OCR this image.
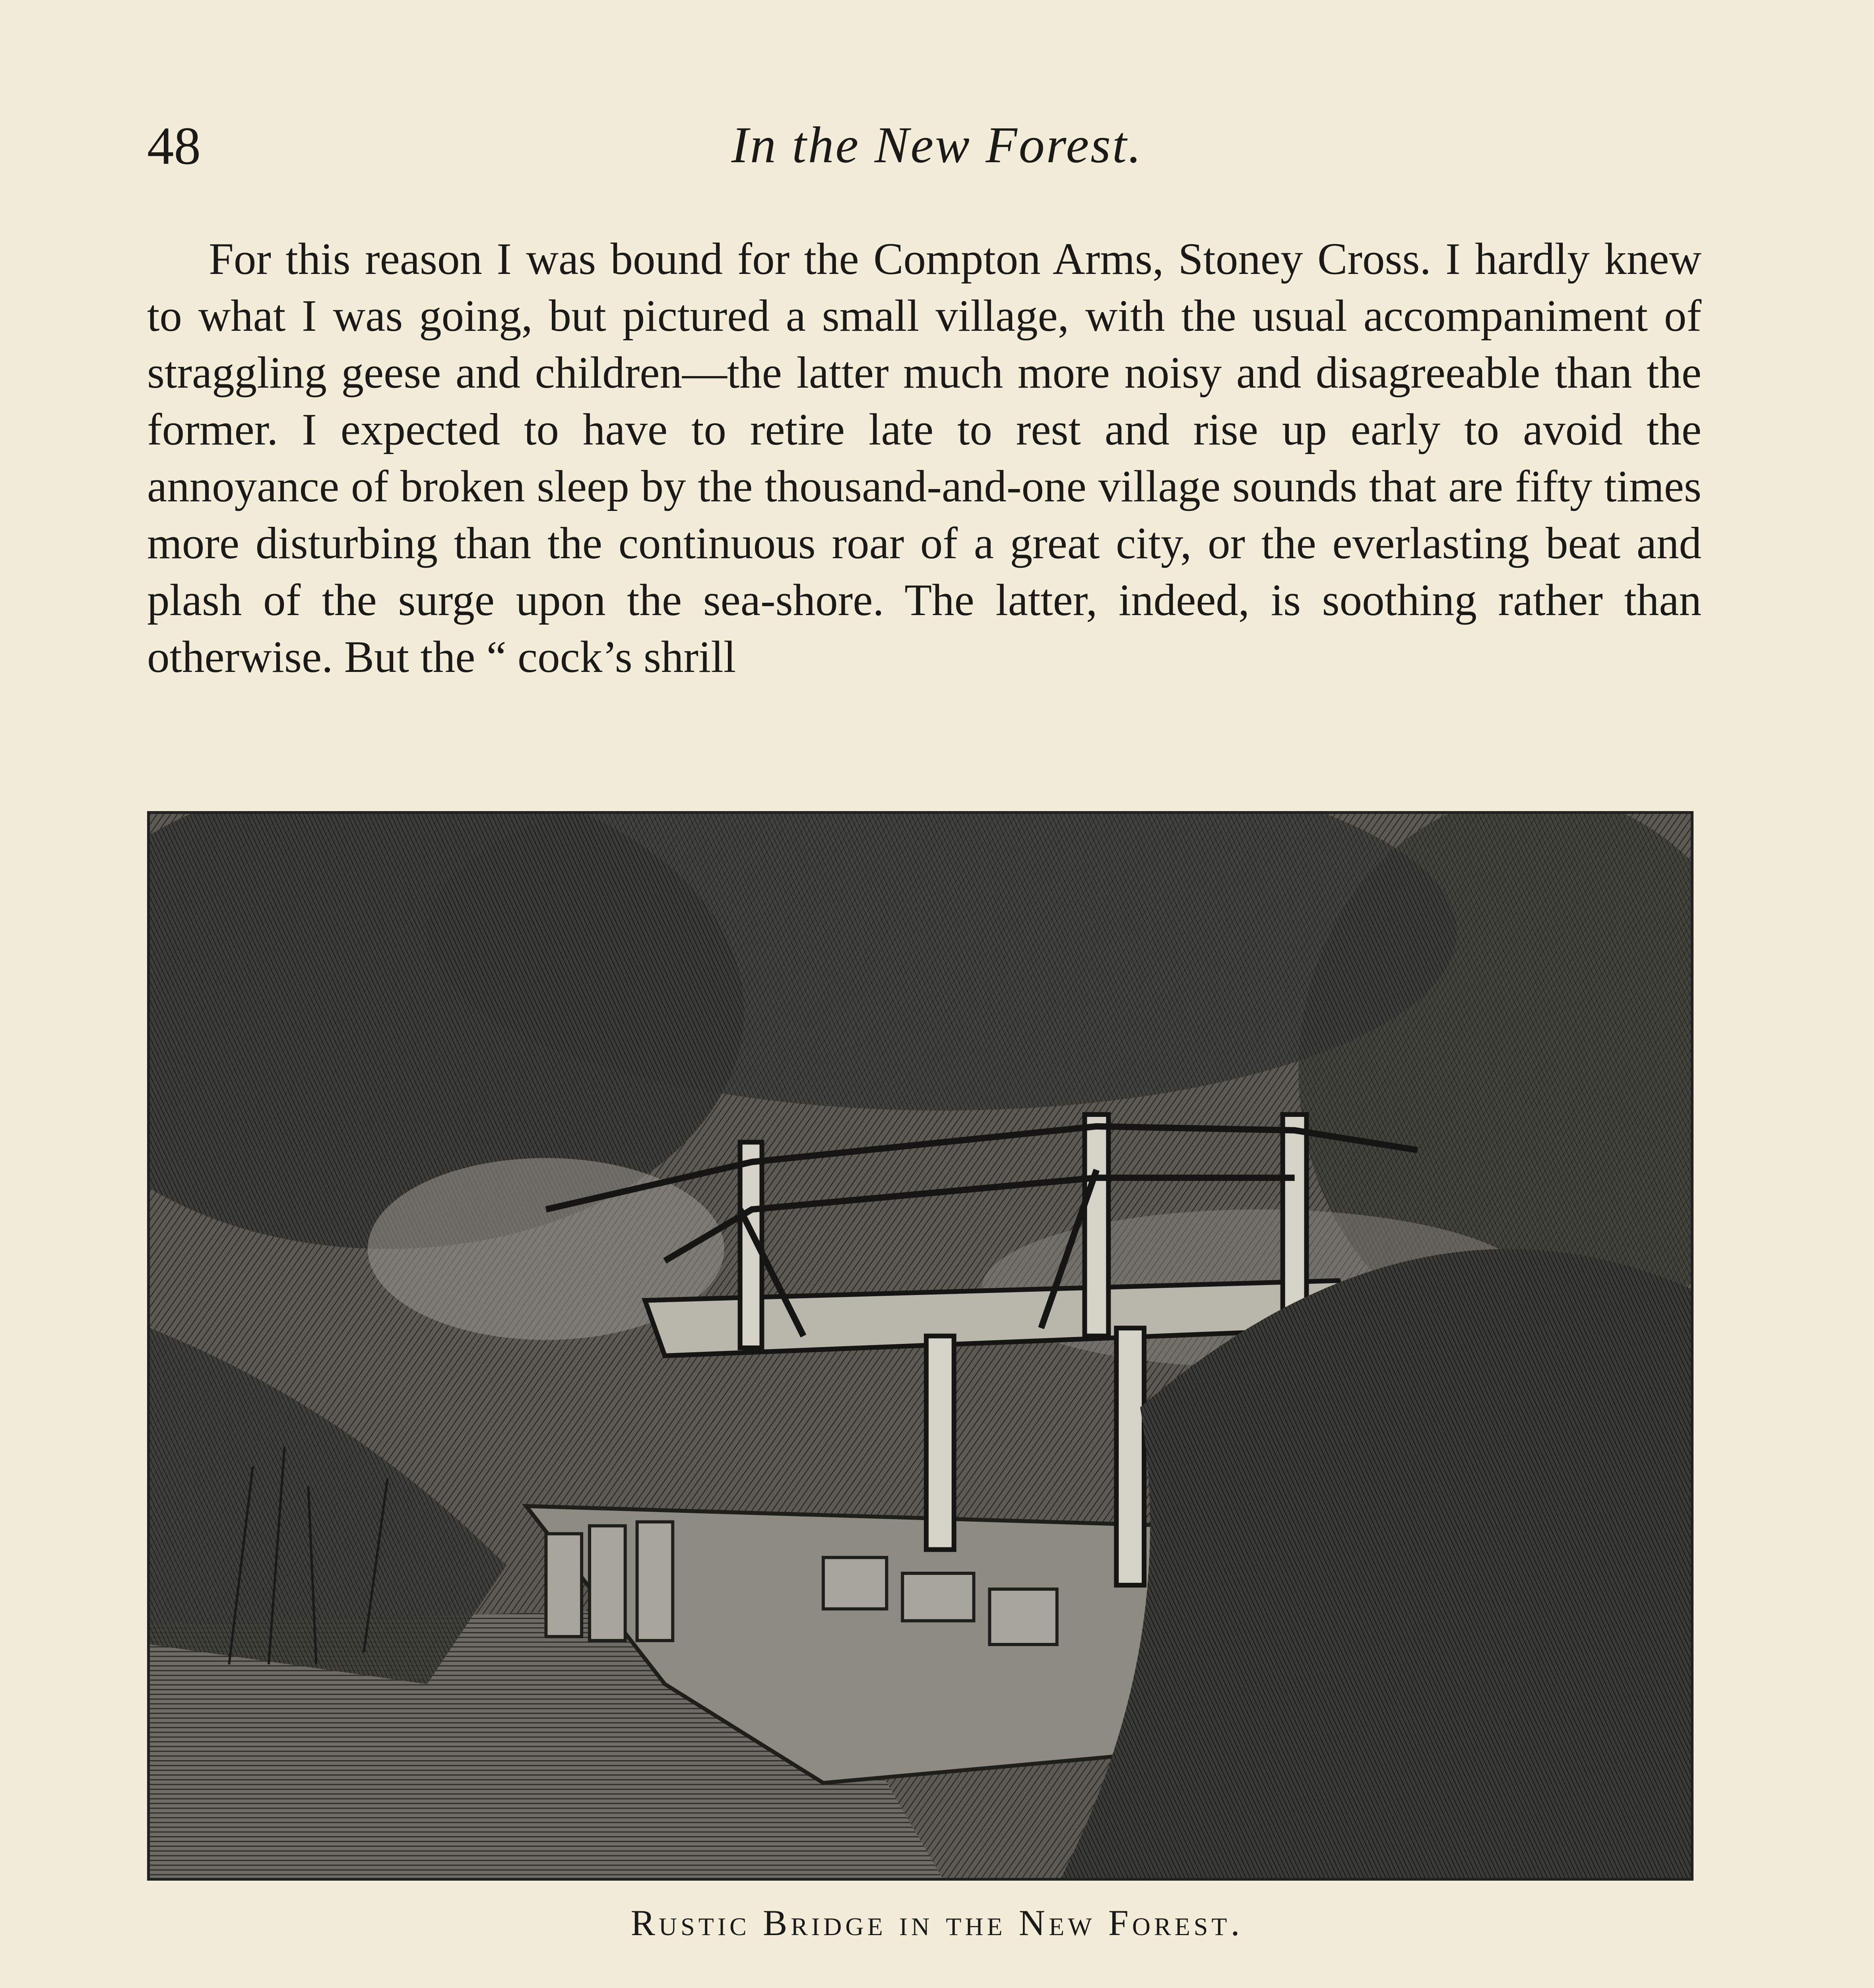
48	In the New Forest.

For this reason I was bound for the Compton Arms, Stoney Cross. I hardly knew to what I was going, but pictured a small village, with the usual accompaniment of straggling geese and children—the latter much more noisy and disagreeable than the former. I expected to have to retire late to rest and rise up early to avoid the annoyance of broken sleep by the thousand-and-one village sounds that are fifty times more disturbing than the continuous roar of a great city, or the everlasting beat and plash of the surge upon the sea-shore. The latter, indeed, is soothing rather than otherwise. But the “ cock’s shrill

Rustic Bridge in the New Forest.
